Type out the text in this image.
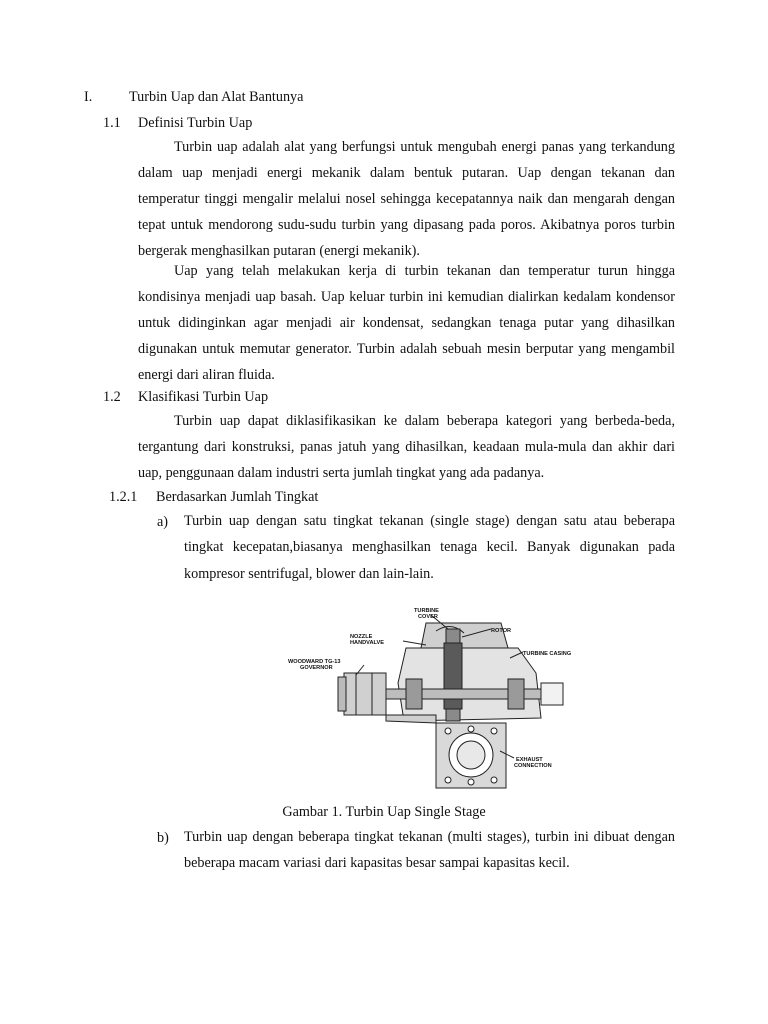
I.	Turbin Uap dan Alat Bantunya
1.1 Definisi Turbin Uap
Turbin uap adalah alat yang berfungsi untuk mengubah energi panas yang terkandung dalam uap menjadi energi mekanik dalam bentuk putaran. Uap dengan tekanan dan temperatur tinggi mengalir melalui nosel sehingga kecepatannya naik dan mengarah dengan tepat untuk mendorong sudu-sudu turbin yang dipasang pada poros. Akibatnya poros turbin bergerak menghasilkan putaran (energi mekanik).
Uap yang telah melakukan kerja di turbin tekanan dan temperatur turun hingga kondisinya menjadi uap basah. Uap keluar turbin ini kemudian dialirkan kedalam kondensor untuk didinginkan agar menjadi air kondensat, sedangkan tenaga putar yang dihasilkan digunakan untuk memutar generator. Turbin adalah sebuah mesin berputar yang mengambil energi dari aliran fluida.
1.2 Klasifikasi Turbin Uap
Turbin uap dapat diklasifikasikan ke dalam beberapa kategori yang berbeda-beda, tergantung dari konstruksi, panas jatuh yang dihasilkan, keadaan mula-mula dan akhir dari uap, penggunaan dalam industri serta jumlah tingkat yang ada padanya.
1.2.1 Berdasarkan Jumlah Tingkat
a) Turbin uap dengan satu tingkat tekanan (single stage) dengan satu atau beberapa tingkat kecepatan,biasanya menghasilkan tenaga kecil. Banyak digunakan pada kompresor sentrifugal, blower dan lain-lain.
TURBINE
COVER
ROTOR
NOZZLE
HANDVALVE
TURBINE CASING
WOODWARD TG-13
GOVERNOR
EXHAUST
CONNECTION
Gambar 1. Turbin Uap Single Stage
b) Turbin uap dengan beberapa tingkat tekanan (multi stages), turbin ini dibuat dengan beberapa macam variasi dari kapasitas besar sampai kapasitas kecil.
